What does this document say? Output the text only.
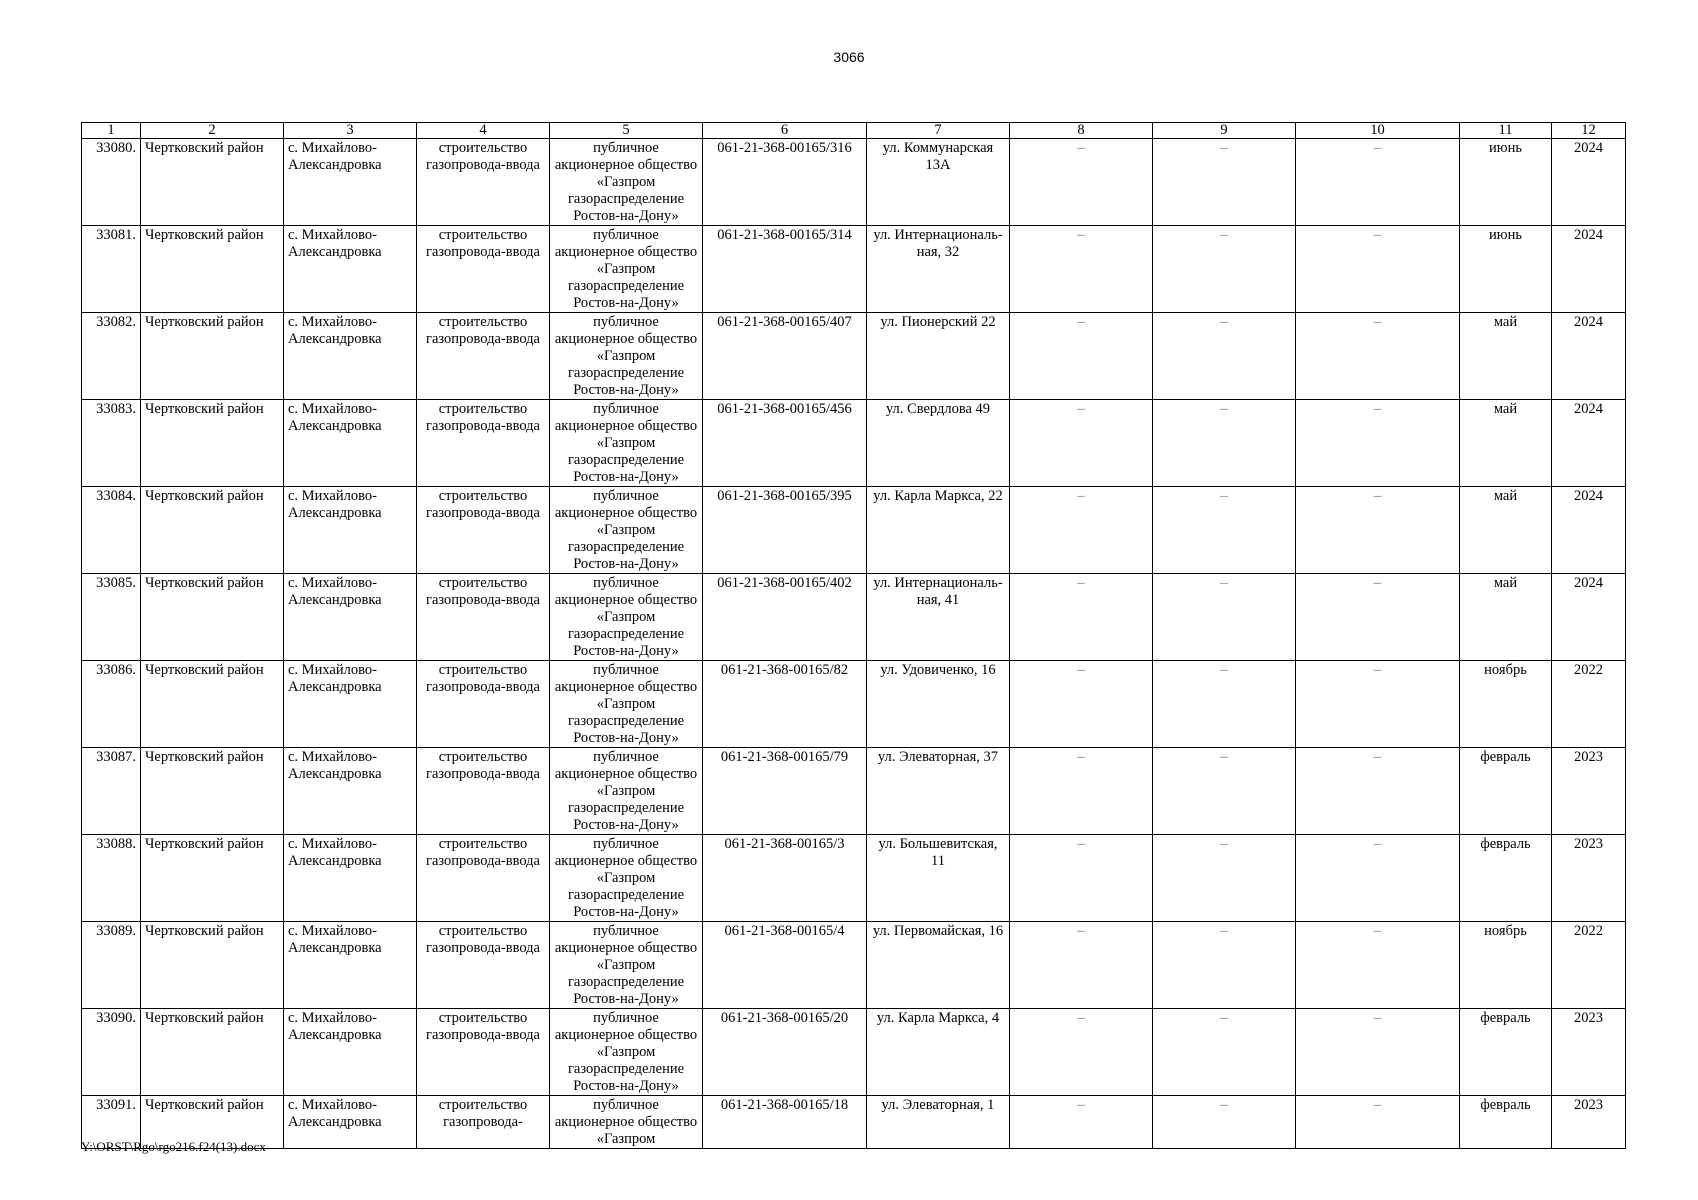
3066
1	2	3	4	5	6	7	8	9	10	11	12
33080.	Чертковский район	с. Михайлово-Александровка	строительство газопровода-ввода	публичное акционерное общество «Газпром газораспределение Ростов-на-Дону»	061-21-368-00165/316	ул. Коммунарская 13А	–	–	–	июнь	2024
33081.	Чертковский район	с. Михайлово-Александровка	строительство газопровода-ввода	публичное акционерное общество «Газпром газораспределение Ростов-на-Дону»	061-21-368-00165/314	ул. Интернациональ-ная, 32	–	–	–	июнь	2024
33082.	Чертковский район	с. Михайлово-Александровка	строительство газопровода-ввода	публичное акционерное общество «Газпром газораспределение Ростов-на-Дону»	061-21-368-00165/407	ул. Пионерский 22	–	–	–	май	2024
33083.	Чертковский район	с. Михайлово-Александровка	строительство газопровода-ввода	публичное акционерное общество «Газпром газораспределение Ростов-на-Дону»	061-21-368-00165/456	ул. Свердлова 49	–	–	–	май	2024
33084.	Чертковский район	с. Михайлово-Александровка	строительство газопровода-ввода	публичное акционерное общество «Газпром газораспределение Ростов-на-Дону»	061-21-368-00165/395	ул. Карла Маркса, 22	–	–	–	май	2024
33085.	Чертковский район	с. Михайлово-Александровка	строительство газопровода-ввода	публичное акционерное общество «Газпром газораспределение Ростов-на-Дону»	061-21-368-00165/402	ул. Интернациональ-ная, 41	–	–	–	май	2024
33086.	Чертковский район	с. Михайлово-Александровка	строительство газопровода-ввода	публичное акционерное общество «Газпром газораспределение Ростов-на-Дону»	061-21-368-00165/82	ул. Удовиченко, 16	–	–	–	ноябрь	2022
33087.	Чертковский район	с. Михайлово-Александровка	строительство газопровода-ввода	публичное акционерное общество «Газпром газораспределение Ростов-на-Дону»	061-21-368-00165/79	ул. Элеваторная, 37	–	–	–	февраль	2023
33088.	Чертковский район	с. Михайлово-Александровка	строительство газопровода-ввода	публичное акционерное общество «Газпром газораспределение Ростов-на-Дону»	061-21-368-00165/3	ул. Большевитская, 11	–	–	–	февраль	2023
33089.	Чертковский район	с. Михайлово-Александровка	строительство газопровода-ввода	публичное акционерное общество «Газпром газораспределение Ростов-на-Дону»	061-21-368-00165/4	ул. Первомайская, 16	–	–	–	ноябрь	2022
33090.	Чертковский район	с. Михайлово-Александровка	строительство газопровода-ввода	публичное акционерное общество «Газпром газораспределение Ростов-на-Дону»	061-21-368-00165/20	ул. Карла Маркса, 4	–	–	–	февраль	2023
33091.	Чертковский район	с. Михайлово-Александровка	строительство газопровода-	публичное акционерное общество «Газпром	061-21-368-00165/18	ул. Элеваторная, 1	–	–	–	февраль	2023
Y:\ORST\Rgo\rgo216.f24(13).docx
